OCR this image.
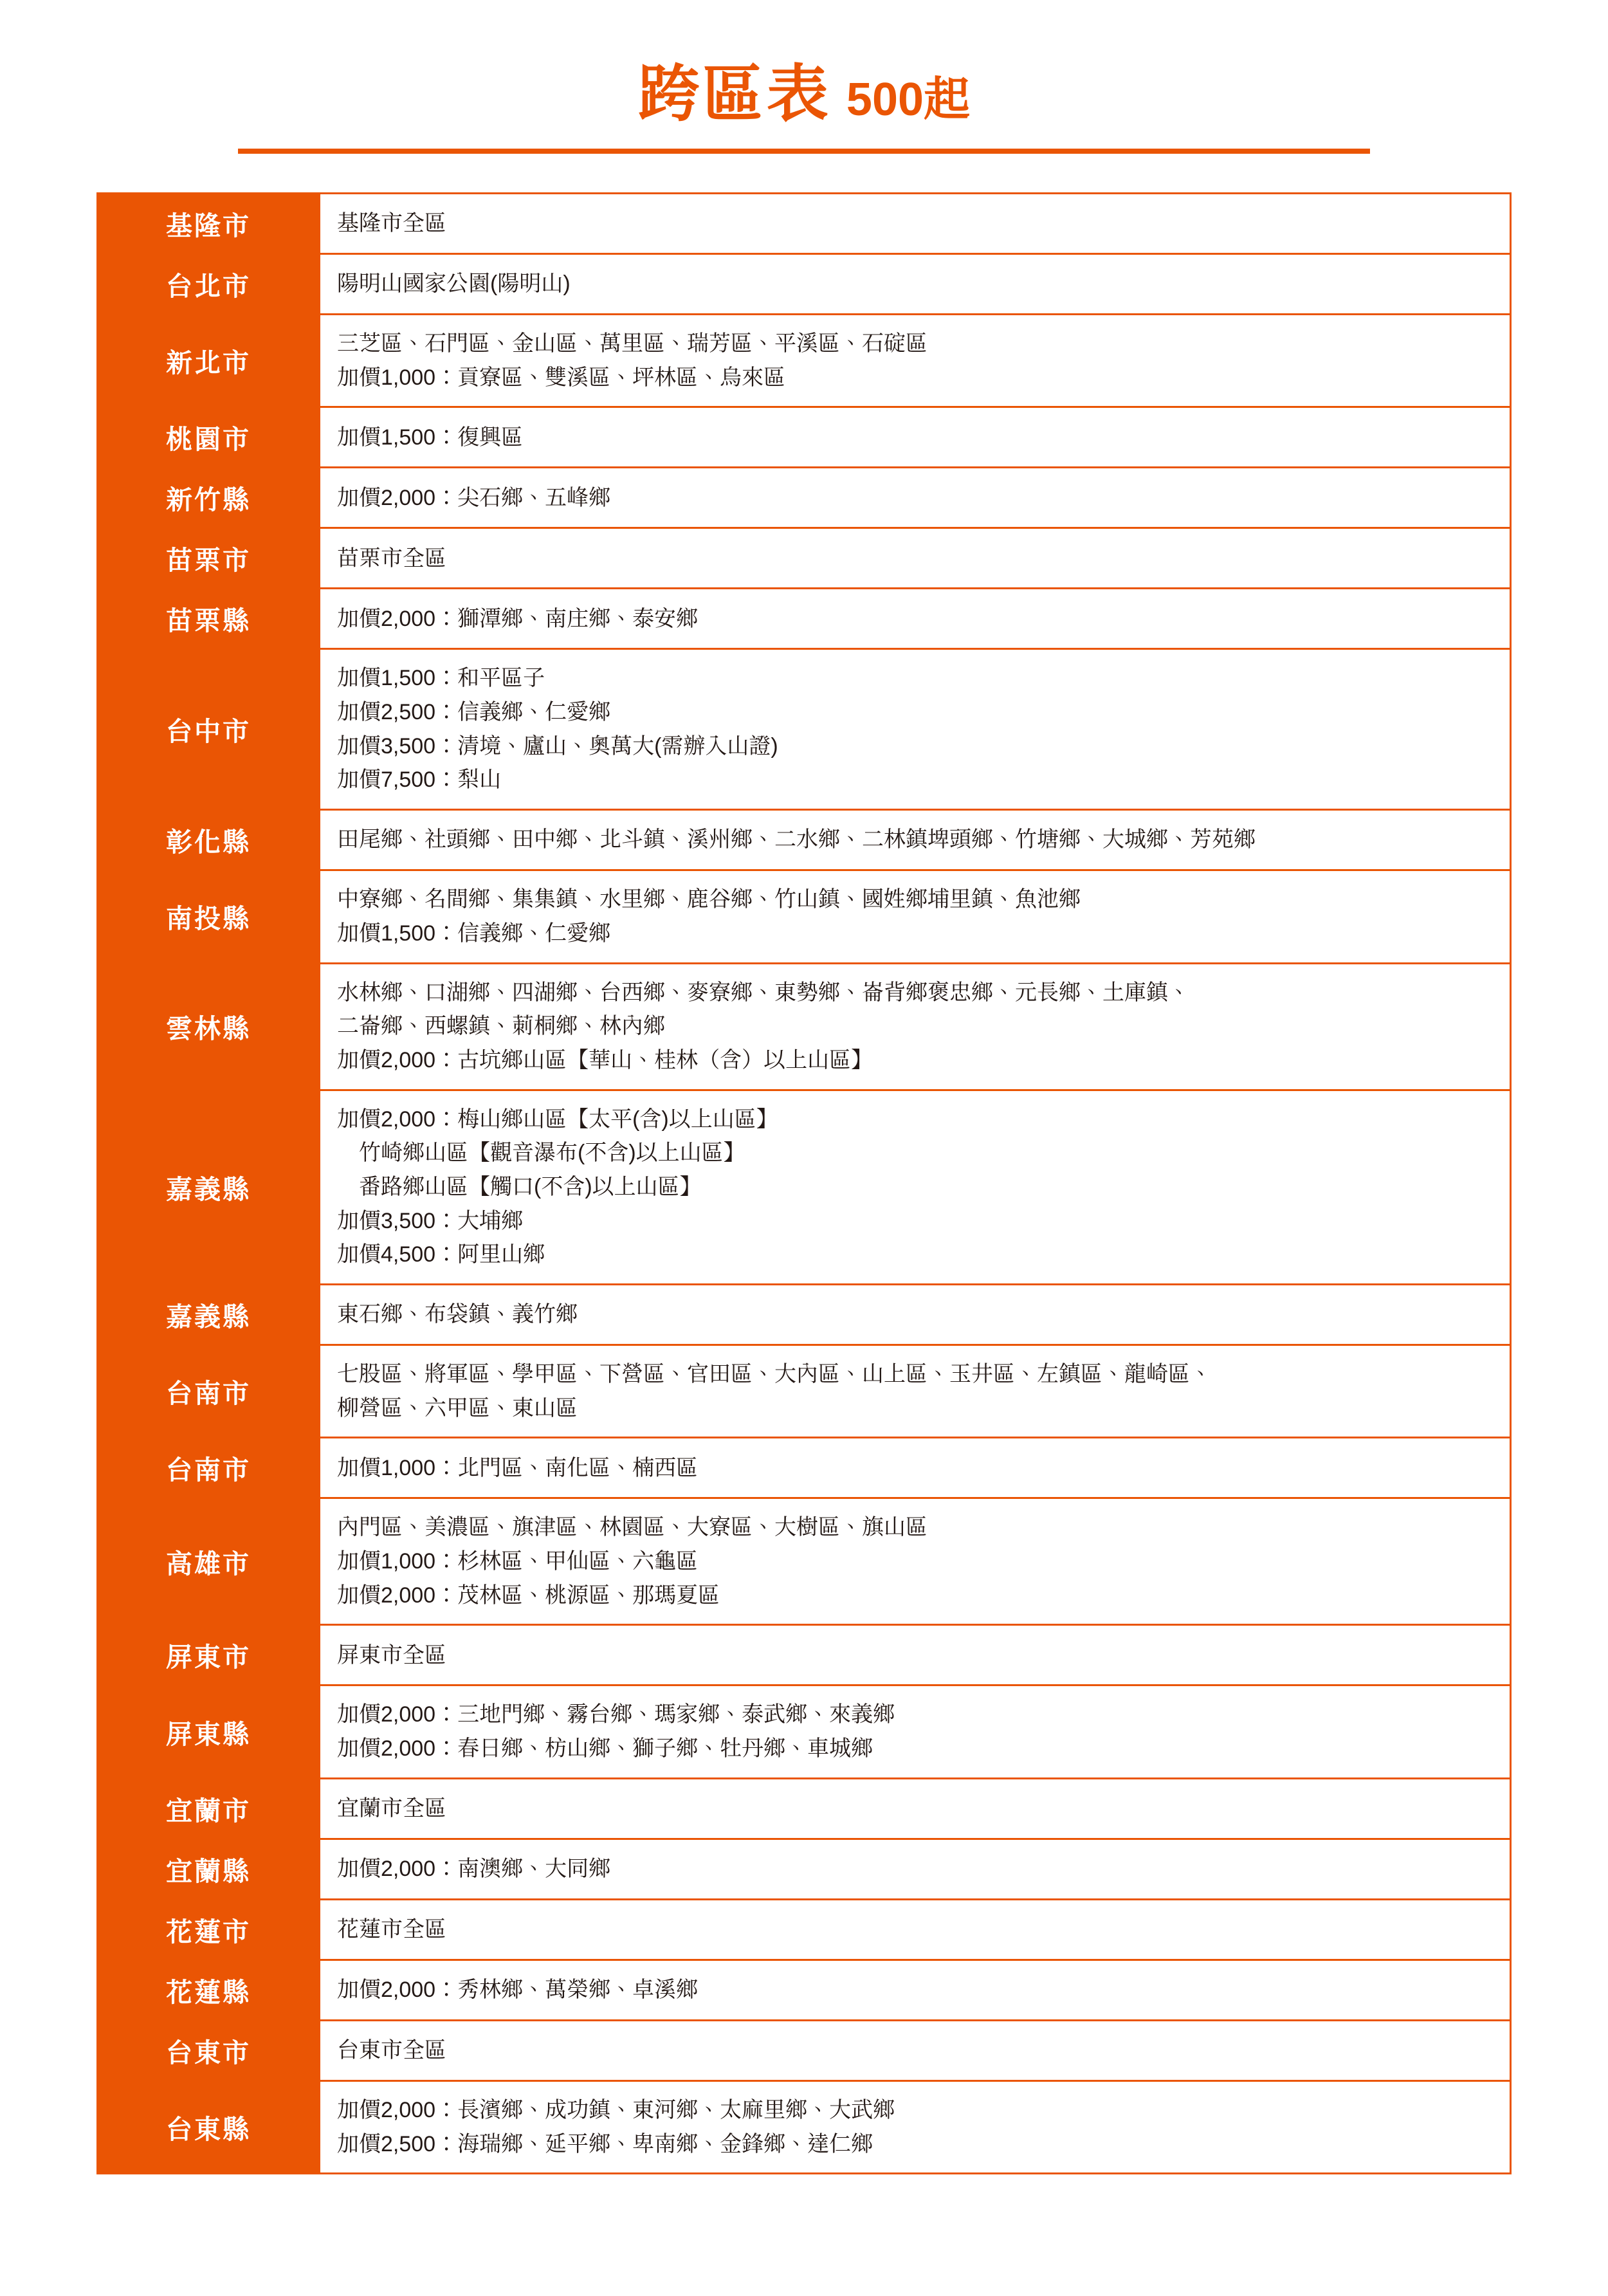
跨區表 500起
基隆市	基隆市全區

台北市	陽明山國家公園(陽明山)

新北市	三芝區、石門區、金山區、萬里區、瑞芳區、平溪區、石碇區
加價1,000：貢寮區、雙溪區、坪林區、烏來區

桃園市	加價1,500：復興區

新竹縣	加價2,000：尖石鄉、五峰鄉

苗栗市	苗栗市全區

苗栗縣	加價2,000：獅潭鄉、南庄鄉、泰安鄉

台中市	加價1,500：和平區子
加價2,500：信義鄉、仁愛鄉
加價3,500：清境、廬山、奧萬大(需辦入山證)
加價7,500：梨山

彰化縣	田尾鄉、社頭鄉、田中鄉、北斗鎮、溪州鄉、二水鄉、二林鎮埤頭鄉、竹塘鄉、大城鄉、芳苑鄉

南投縣	中寮鄉、名間鄉、集集鎮、水里鄉、鹿谷鄉、竹山鎮、國姓鄉埔里鎮、魚池鄉
加價1,500：信義鄉、仁愛鄉

雲林縣	水林鄉、口湖鄉、四湖鄉、台西鄉、麥寮鄉、東勢鄉、崙背鄉褒忠鄉、元長鄉、土庫鎮、
二崙鄉、西螺鎮、莿桐鄉、林內鄉
加價2,000：古坑鄉山區【華山、桂林（含）以上山區】

嘉義縣	加價2,000：梅山鄉山區【太平(含)以上山區】
　竹崎鄉山區【觀音瀑布(不含)以上山區】
　番路鄉山區【觸口(不含)以上山區】
加價3,500：大埔鄉
加價4,500：阿里山鄉

嘉義縣	東石鄉、布袋鎮、義竹鄉

台南市	七股區、將軍區、學甲區、下營區、官田區、大內區、山上區、玉井區、左鎮區、龍崎區、
柳營區、六甲區、東山區

台南市	加價1,000：北門區、南化區、楠西區

高雄市	內門區、美濃區、旗津區、林園區、大寮區、大樹區、旗山區
加價1,000：杉林區、甲仙區、六龜區
加價2,000：茂林區、桃源區、那瑪夏區

屏東市	屏東市全區

屏東縣	加價2,000：三地門鄉、霧台鄉、瑪家鄉、泰武鄉、來義鄉
加價2,000：春日鄉、枋山鄉、獅子鄉、牡丹鄉、車城鄉

宜蘭市	宜蘭市全區

宜蘭縣	加價2,000：南澳鄉、大同鄉

花蓮市	花蓮市全區

花蓮縣	加價2,000：秀林鄉、萬榮鄉、卓溪鄉

台東市	台東市全區

台東縣	加價2,000：長濱鄉、成功鎮、東河鄉、太麻里鄉、大武鄉
加價2,500：海瑞鄉、延平鄉、卑南鄉、金鋒鄉、達仁鄉
